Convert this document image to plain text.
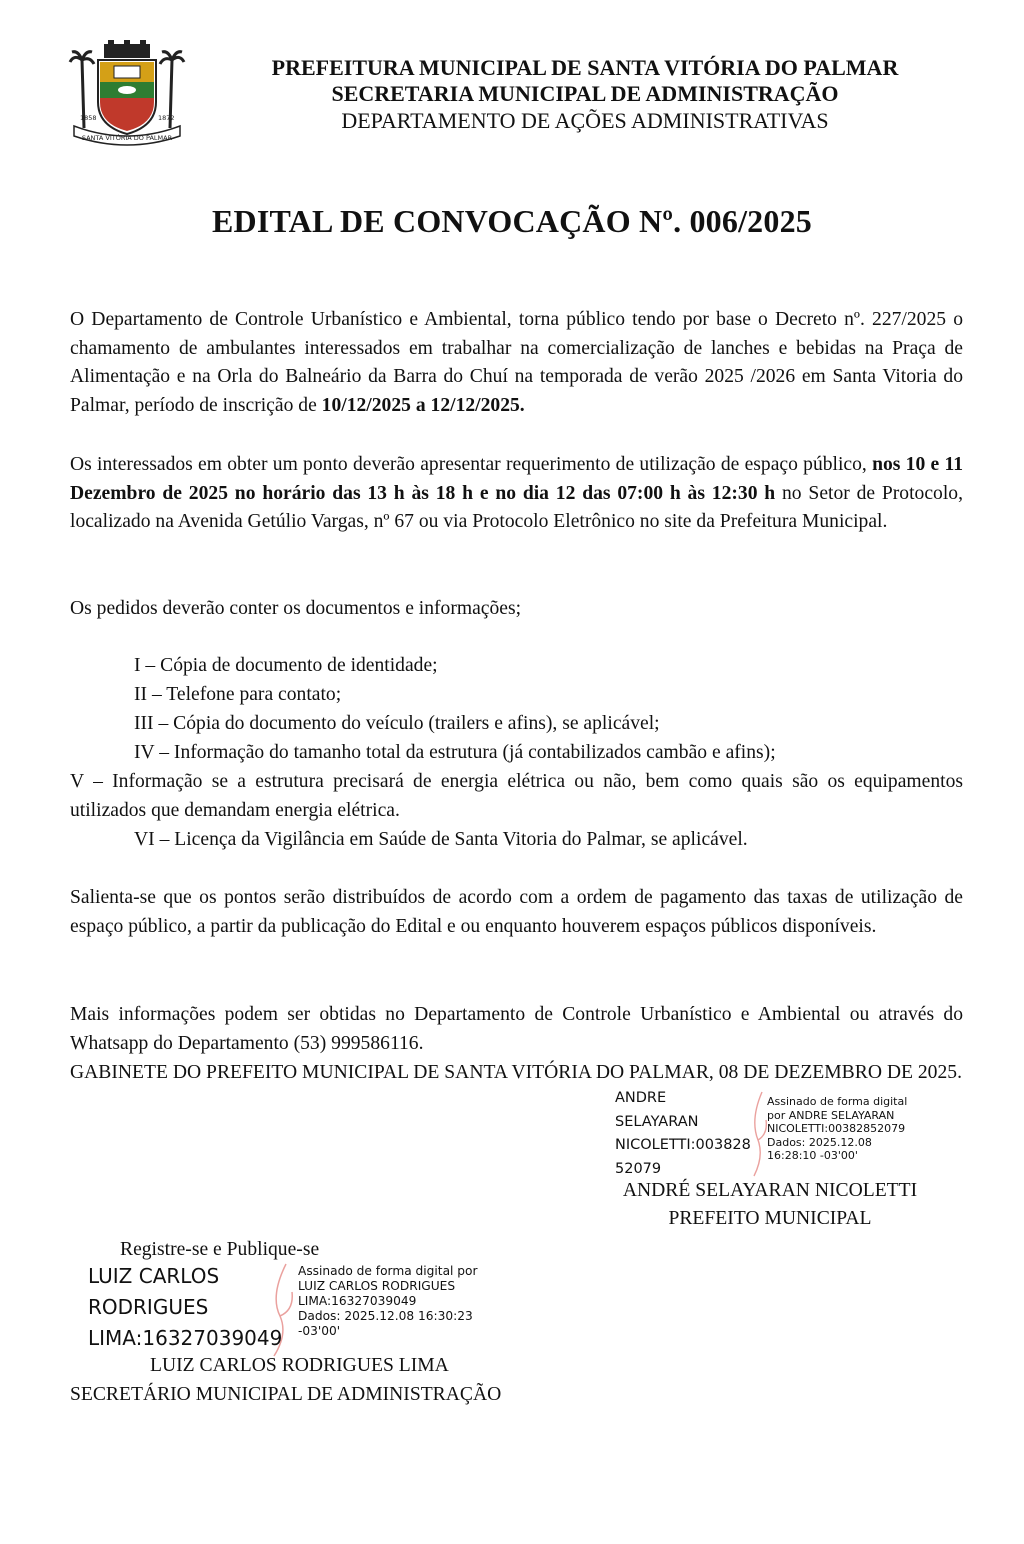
SANTA VITÓRIA DO PALMAR
1858	1872
PREFEITURA MUNICIPAL DE SANTA VITÓRIA DO PALMAR
SECRETARIA MUNICIPAL DE ADMINISTRAÇÃO
DEPARTAMENTO DE AÇÕES ADMINISTRATIVAS
EDITAL DE CONVOCAÇÃO Nº. 006/2025
O Departamento de Controle Urbanístico e Ambiental, torna público tendo por base o Decreto nº. 227/2025 o chamamento de ambulantes interessados em trabalhar na comercialização de lanches e bebidas na Praça de Alimentação e na Orla do Balneário da Barra do Chuí na temporada de verão 2025 /2026 em Santa Vitoria do Palmar, período de inscrição de 10/12/2025 a 12/12/2025.
Os interessados em obter um ponto deverão apresentar requerimento de utilização de espaço público, nos 10 e 11 Dezembro de 2025 no horário das 13 h às 18 h e no dia 12 das 07:00 h às 12:30 h no Setor de Protocolo, localizado na Avenida Getúlio Vargas, nº 67 ou via Protocolo Eletrônico no site da Prefeitura Municipal.
Os pedidos deverão conter os documentos e informações;
I – Cópia de documento de identidade;
II – Telefone para contato;
III – Cópia do documento do veículo (trailers e afins), se aplicável;
IV – Informação do tamanho total da estrutura (já contabilizados cambão e afins);
V – Informação se a estrutura precisará de energia elétrica ou não, bem como quais são os equipamentos utilizados que demandam energia elétrica.
VI – Licença da Vigilância em Saúde de Santa Vitoria do Palmar, se aplicável.
Salienta-se que os pontos serão distribuídos de acordo com a ordem de pagamento das taxas de utilização de espaço público, a partir da publicação do Edital e ou enquanto houverem espaços públicos disponíveis.
Mais informações podem ser obtidas no Departamento de Controle Urbanístico e Ambiental ou através do Whatsapp do Departamento (53) 999586116.
GABINETE DO PREFEITO MUNICIPAL DE SANTA VITÓRIA DO PALMAR, 08 DE DEZEMBRO DE 2025.
ANDRE
SELAYARAN
NICOLETTI:003828
52079
Assinado de forma digital
por ANDRE SELAYARAN
NICOLETTI:00382852079
Dados: 2025.12.08
16:28:10 -03'00'
ANDRÉ SELAYARAN NICOLETTI
PREFEITO MUNICIPAL
Registre-se e Publique-se
LUIZ CARLOS
RODRIGUES
LIMA:16327039049
Assinado de forma digital por
LUIZ CARLOS RODRIGUES
LIMA:16327039049
Dados: 2025.12.08 16:30:23
-03'00'
LUIZ CARLOS RODRIGUES LIMA
SECRETÁRIO MUNICIPAL DE ADMINISTRAÇÃO
